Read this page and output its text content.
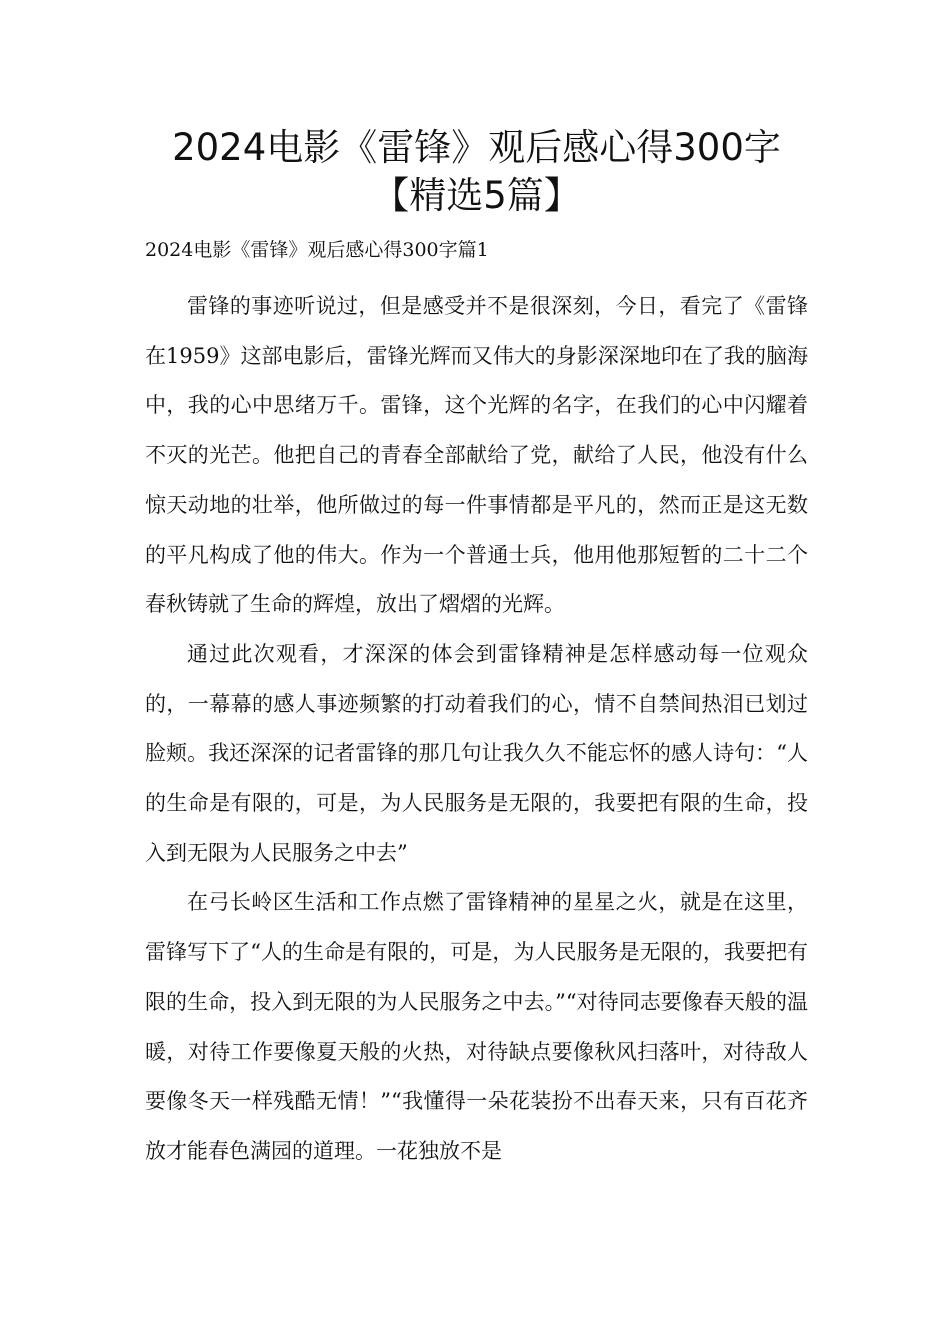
2024电影《雷锋》观后感心得300字
【精选5篇】
2024电影《雷锋》观后感心得300字篇1

雷锋的事迹听说过，但是感受并不是很深刻，今日，看完了《雷锋在1959》这部电影后，雷锋光辉而又伟大的身影深深地印在了我的脑海中，我的心中思绪万千。雷锋，这个光辉的名字，在我们的心中闪耀着不灭的光芒。他把自己的青春全部献给了党，献给了人民，他没有什么惊天动地的壮举，他所做过的每一件事情都是平凡的，然而正是这无数的平凡构成了他的伟大。作为一个普通士兵，他用他那短暂的二十二个春秋铸就了生命的辉煌，放出了熠熠的光辉。

通过此次观看，才深深的体会到雷锋精神是怎样感动每一位观众的，一幕幕的感人事迹频繁的打动着我们的心，情不自禁间热泪已划过脸颊。我还深深的记者雷锋的那几句让我久久不能忘怀的感人诗句：“人的生命是有限的，可是，为人民服务是无限的，我要把有限的生命，投入到无限为人民服务之中去”

在弓长岭区生活和工作点燃了雷锋精神的星星之火，就是在这里，雷锋写下了“人的生命是有限的，可是，为人民服务是无限的，我要把有限的生命，投入到无限的为人民服务之中去。”“对待同志要像春天般的温暖，对待工作要像夏天般的火热，对待缺点要像秋风扫落叶，对待敌人要像冬天一样残酷无情！”“我懂得一朵花装扮不出春天来，只有百花齐放才能春色满园的道理。一花独放不是
